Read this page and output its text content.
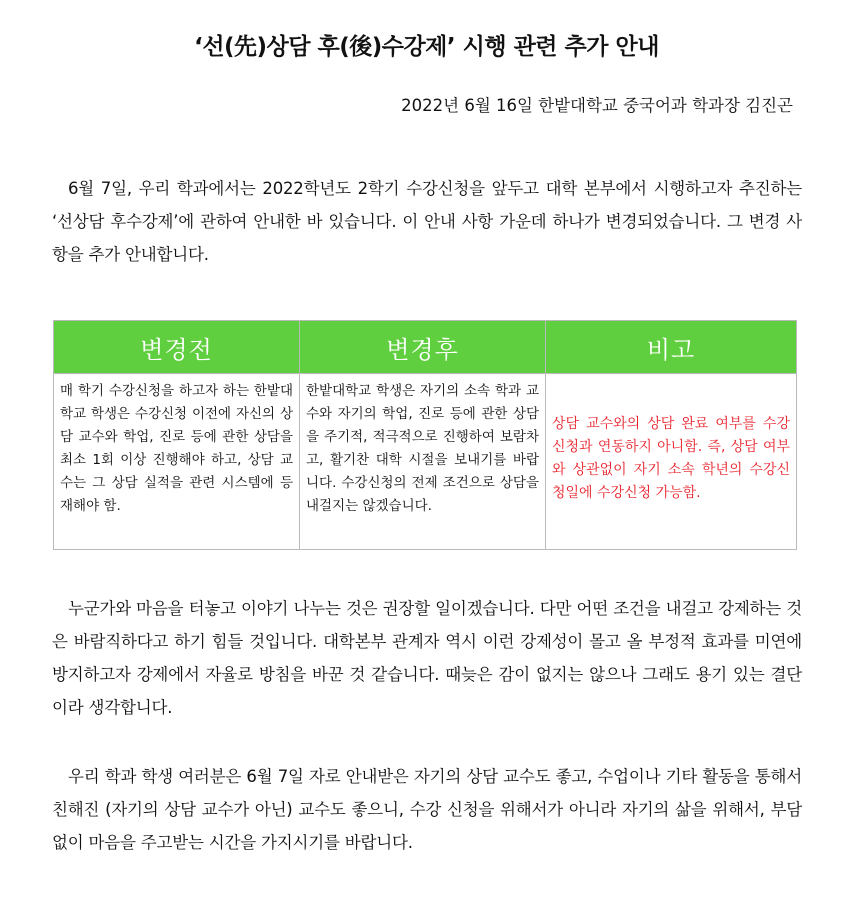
‘선(先)상담 후(後)수강제’ 시행 관련 추가 안내
2022년 6월 16일 한밭대학교 중국어과 학과장 김진곤

6월 7일, 우리 학과에서는 2022학년도 2학기 수강신청을 앞두고 대학 본부에서 시행하고자 추진하는 ‘선상담 후수강제’에 관하여 안내한 바 있습니다. 이 안내 사항 가운데 하나가 변경되었습니다. 그 변경 사항을 추가 안내합니다.

변경전	변경후	비고
매 학기 수강신청을 하고자 하는 한밭대학교 학생은 수강신청 이전에 자신의 상담 교수와 학업, 진로 등에 관한 상담을 최소 1회 이상 진행해야 하고, 상담 교수는 그 상담 실적을 관련 시스템에 등재해야 함.	한밭대학교 학생은 자기의 소속 학과 교수와 자기의 학업, 진로 등에 관한 상담을 주기적, 적극적으로 진행하여 보람차고, 활기찬 대학 시절을 보내기를 바랍니다. 수강신청의 전제 조건으로 상담을 내걸지는 않겠습니다.	상담 교수와의 상담 완료 여부를 수강신청과 연동하지 아니함. 즉, 상담 여부와 상관없이 자기 소속 학년의 수강신청일에 수강신청 가능함.

누군가와 마음을 터놓고 이야기 나누는 것은 권장할 일이겠습니다. 다만 어떤 조건을 내걸고 강제하는 것은 바람직하다고 하기 힘들 것입니다. 대학본부 관계자 역시 이런 강제성이 몰고 올 부정적 효과를 미연에 방지하고자 강제에서 자율로 방침을 바꾼 것 같습니다. 때늦은 감이 없지는 않으나 그래도 용기 있는 결단이라 생각합니다.

우리 학과 학생 여러분은 6월 7일 자로 안내받은 자기의 상담 교수도 좋고, 수업이나 기타 활동을 통해서 친해진 (자기의 상담 교수가 아닌) 교수도 좋으니, 수강 신청을 위해서가 아니라 자기의 삶을 위해서, 부담 없이 마음을 주고받는 시간을 가지시기를 바랍니다.
